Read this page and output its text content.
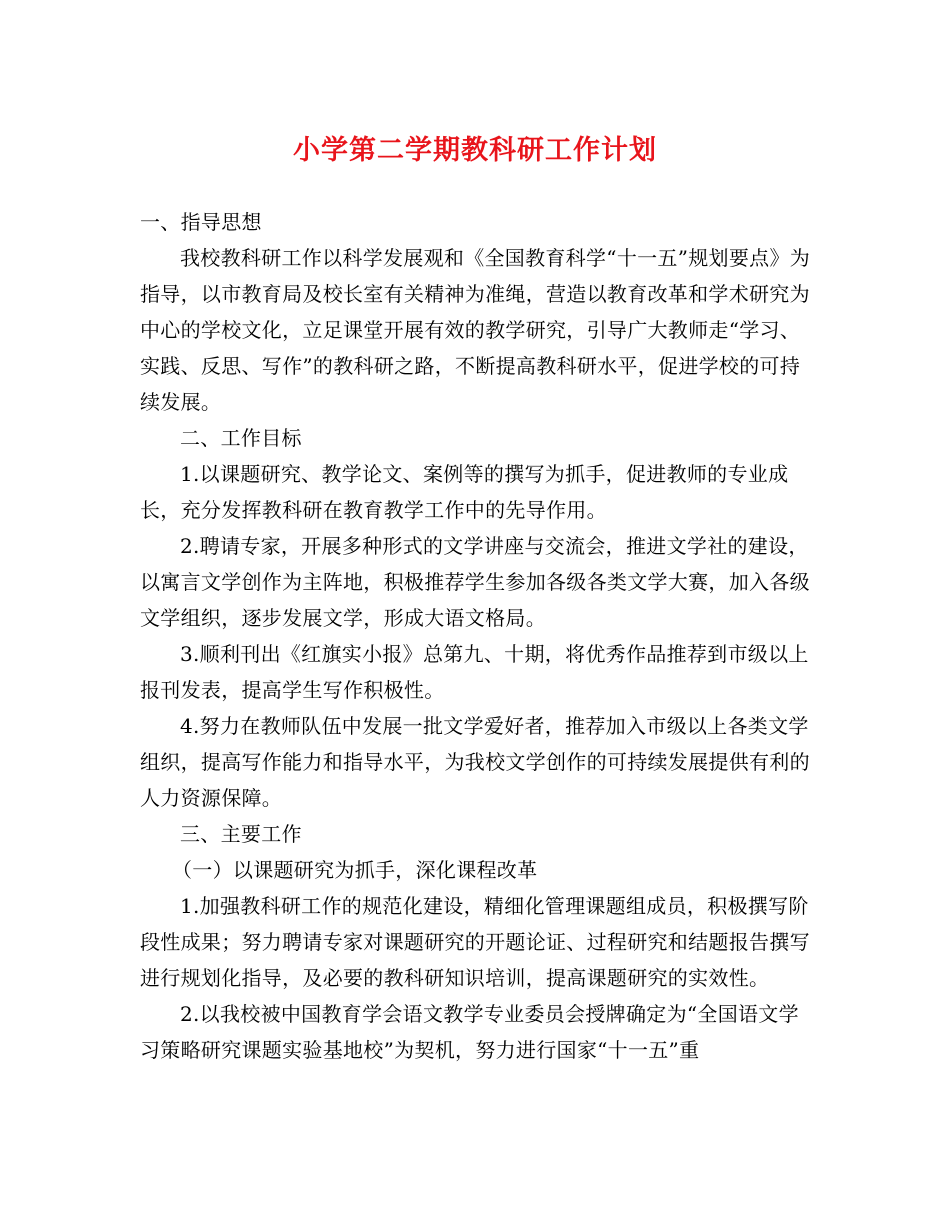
小学第二学期教科研工作计划

一、指导思想

我校教科研工作以科学发展观和《全国教育科学“十一五”规划要点》为指导，以市教育局及校长室有关精神为准绳，营造以教育改革和学术研究为中心的学校文化，立足课堂开展有效的教学研究，引导广大教师走“学习、实践、反思、写作”的教科研之路，不断提高教科研水平，促进学校的可持续发展。

二、工作目标

1.以课题研究、教学论文、案例等的撰写为抓手，促进教师的专业成长，充分发挥教科研在教育教学工作中的先导作用。

2.聘请专家，开展多种形式的文学讲座与交流会，推进文学社的建设，以寓言文学创作为主阵地，积极推荐学生参加各级各类文学大赛，加入各级文学组织，逐步发展文学，形成大语文格局。

3.顺利刊出《红旗实小报》总第九、十期，将优秀作品推荐到市级以上报刊发表，提高学生写作积极性。

4.努力在教师队伍中发展一批文学爱好者，推荐加入市级以上各类文学组织，提高写作能力和指导水平，为我校文学创作的可持续发展提供有利的人力资源保障。

三、主要工作

（一）以课题研究为抓手，深化课程改革

1.加强教科研工作的规范化建设，精细化管理课题组成员，积极撰写阶段性成果；努力聘请专家对课题研究的开题论证、过程研究和结题报告撰写进行规划化指导，及必要的教科研知识培训，提高课题研究的实效性。

2.以我校被中国教育学会语文教学专业委员会授牌确定为“全国语文学习策略研究课题实验基地校”为契机，努力进行国家“十一五”重
